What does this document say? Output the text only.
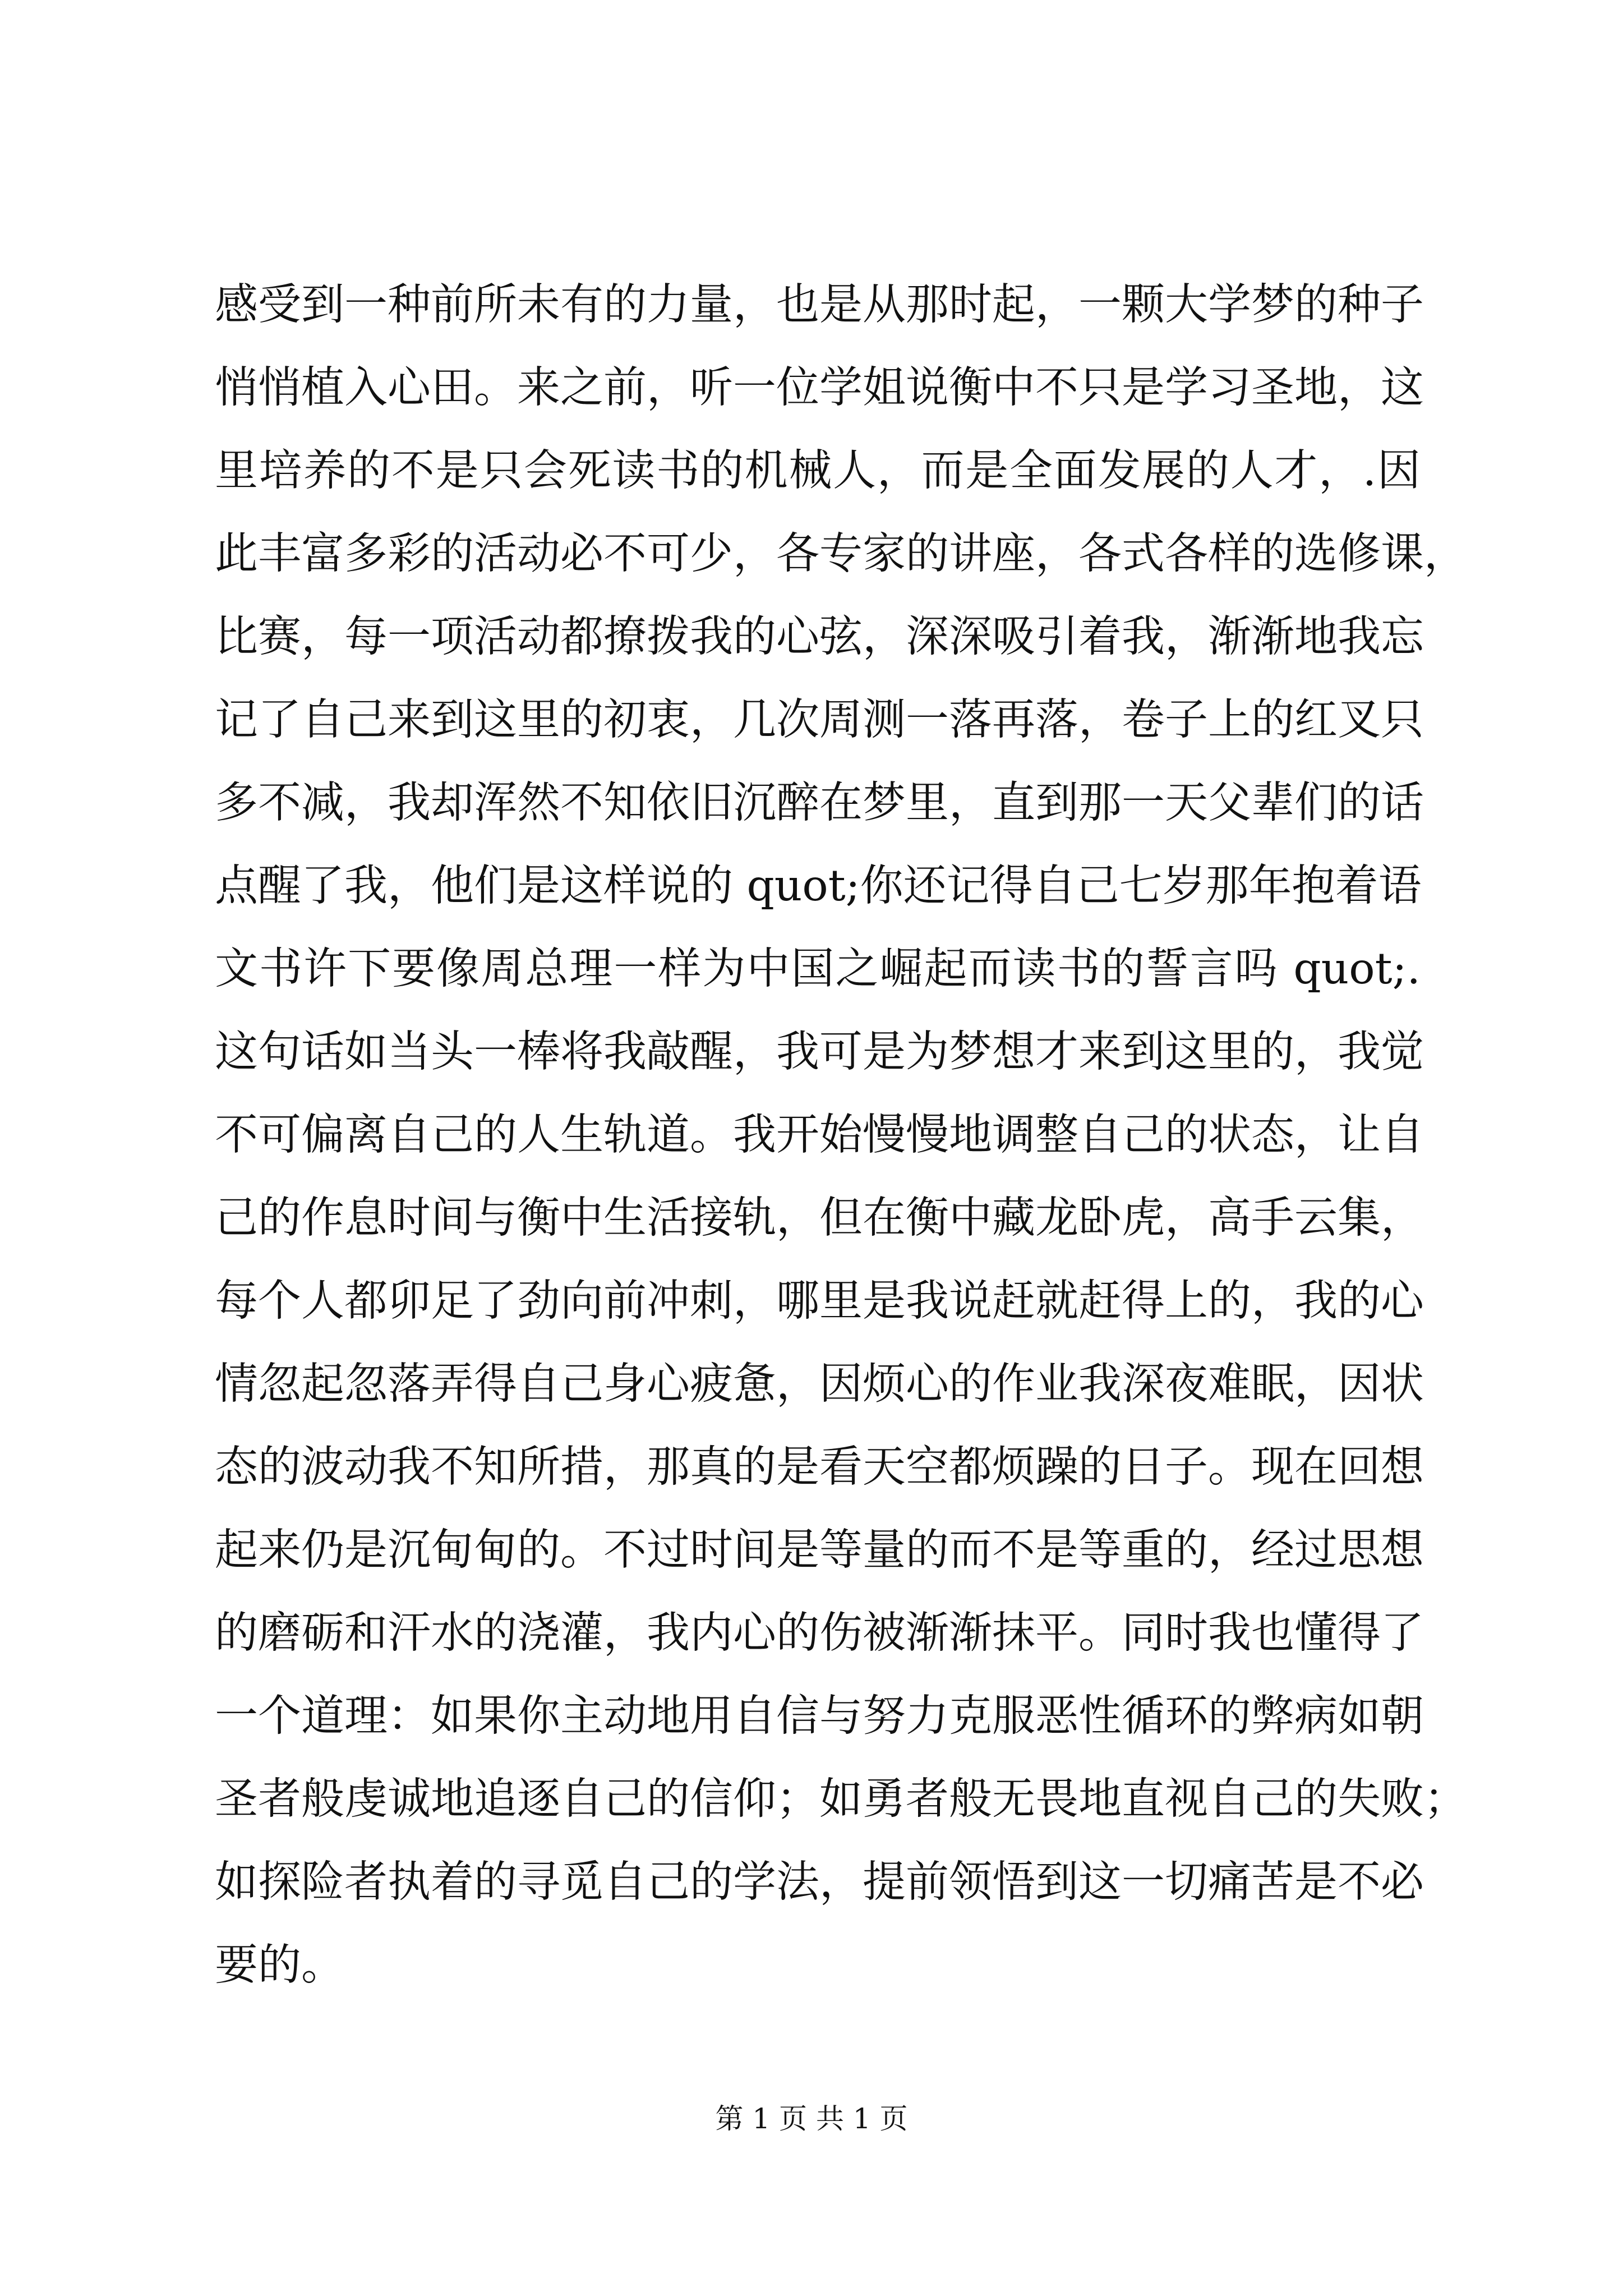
感受到一种前所未有的力量，也是从那时起，一颗大学梦的种子
悄悄植入心田。来之前，听一位学姐说衡中不只是学习圣地，这
里培养的不是只会死读书的机械人，而是全面发展的人才，.因
此丰富多彩的活动必不可少，各专家的讲座，各式各样的选修课，
比赛，每一项活动都撩拨我的心弦，深深吸引着我，渐渐地我忘
记了自己来到这里的初衷，几次周测一落再落，卷子上的红叉只
多不减，我却浑然不知依旧沉醉在梦里，直到那一天父辈们的话
点醒了我，他们是这样说的 quot;你还记得自己七岁那年抱着语
文书许下要像周总理一样为中国之崛起而读书的誓言吗 quot;.
这句话如当头一棒将我敲醒，我可是为梦想才来到这里的，我觉
不可偏离自己的人生轨道。我开始慢慢地调整自己的状态，让自
己的作息时间与衡中生活接轨，但在衡中藏龙卧虎，高手云集，
每个人都卯足了劲向前冲刺，哪里是我说赶就赶得上的，我的心
情忽起忽落弄得自己身心疲惫，因烦心的作业我深夜难眠，因状
态的波动我不知所措，那真的是看天空都烦躁的日子。现在回想
起来仍是沉甸甸的。不过时间是等量的而不是等重的，经过思想
的磨砺和汗水的浇灌，我内心的伤被渐渐抹平。同时我也懂得了
一个道理：如果你主动地用自信与努力克服恶性循环的弊病如朝
圣者般虔诚地追逐自己的信仰；如勇者般无畏地直视自己的失败；
如探险者执着的寻觅自己的学法，提前领悟到这一切痛苦是不必
要的。
第 1 页 共 1 页
